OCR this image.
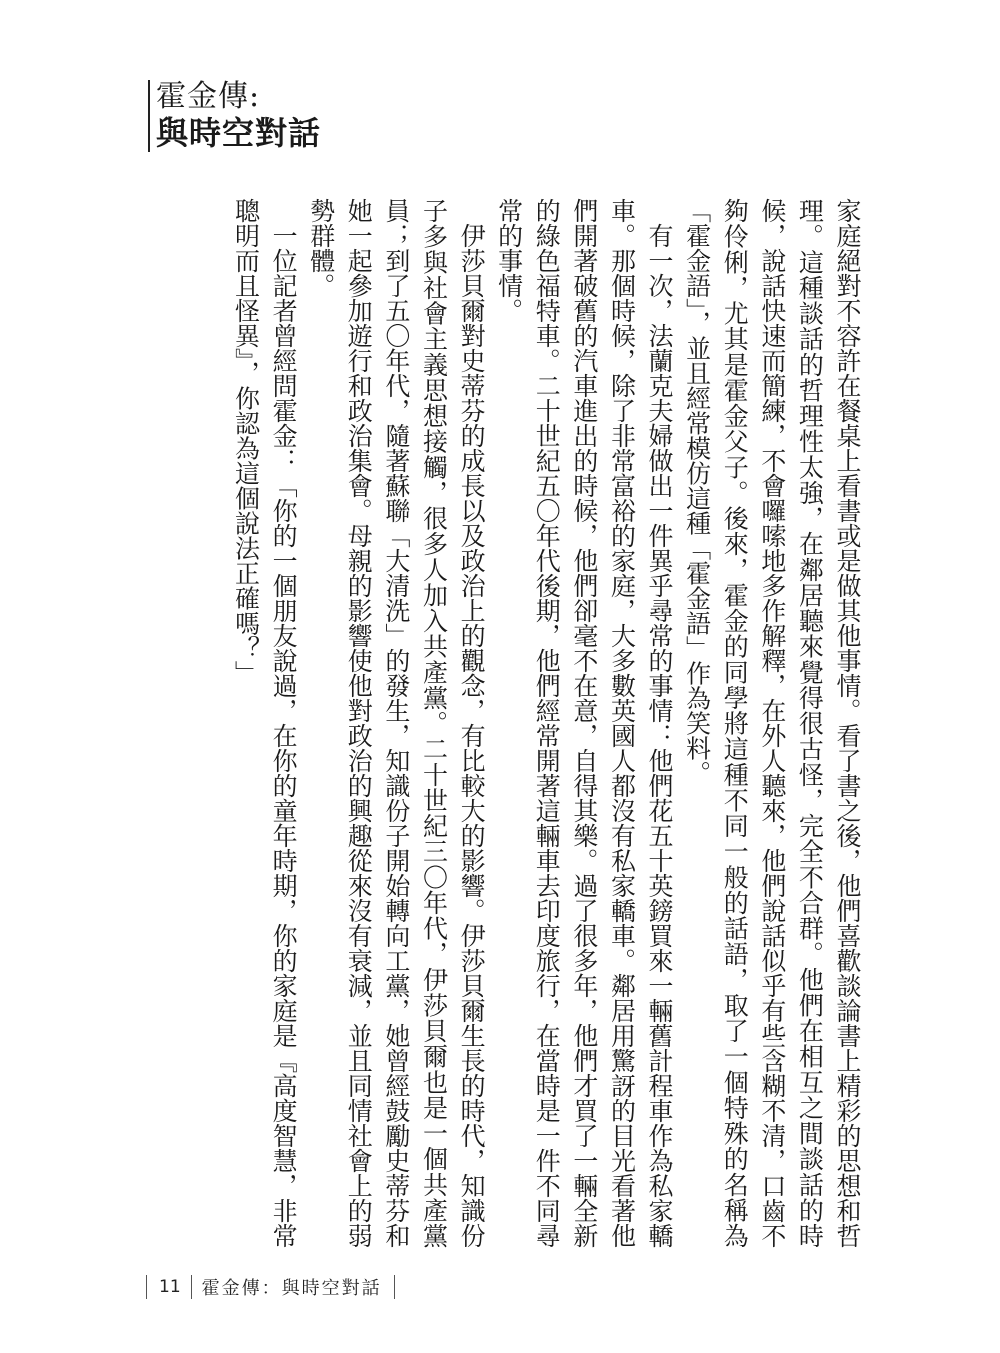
霍金傳:
與時空對話

家庭絕對不容許在餐桌上看書或是做其他事情。看了書之後，他們喜歡談論書上精彩的思想和哲理。這種談話的哲理性太強，在鄰居聽來覺得很古怪，完全不合群。他們在相互之間談話的時候，說話快速而簡練，不會囉嗦地多作解釋，在外人聽來，他們說話似乎有些含糊不清，口齒不夠伶俐，尤其是霍金父子。後來，霍金的同學將這種不同一般的話語，取了一個特殊的名稱為「霍金語」，並且經常模仿這種「霍金語」作為笑料。

　有一次，法蘭克夫婦做出一件異乎尋常的事情：他們花五十英鎊買來一輛舊計程車作為私家轎車。那個時候，除了非常富裕的家庭，大多數英國人都沒有私家轎車。鄰居用驚訝的目光看著他們開著破舊的汽車進出的時候，他們卻毫不在意，自得其樂。過了很多年，他們才買了一輛全新的綠色福特車。二十世紀五〇年代後期，他們經常開著這輛車去印度旅行，在當時是一件不同尋常的事情。

　伊莎貝爾對史蒂芬的成長以及政治上的觀念，有比較大的影響。伊莎貝爾生長的時代，知識份子多與社會主義思想接觸，很多人加入共產黨。二十世紀三〇年代，伊莎貝爾也是一個共產黨員；到了五〇年代，隨著蘇聯「大清洗」的發生，知識份子開始轉向工黨，她曾經鼓勵史蒂芬和她一起參加遊行和政治集會。母親的影響使他對政治的興趣從來沒有衰減，並且同情社會上的弱勢群體。

　一位記者曾經問霍金：「你的一個朋友說過，在你的童年時期，你的家庭是『高度智慧，非常聰明而且怪異』，你認為這個說法正確嗎？」

11	霍金傳：與時空對話
